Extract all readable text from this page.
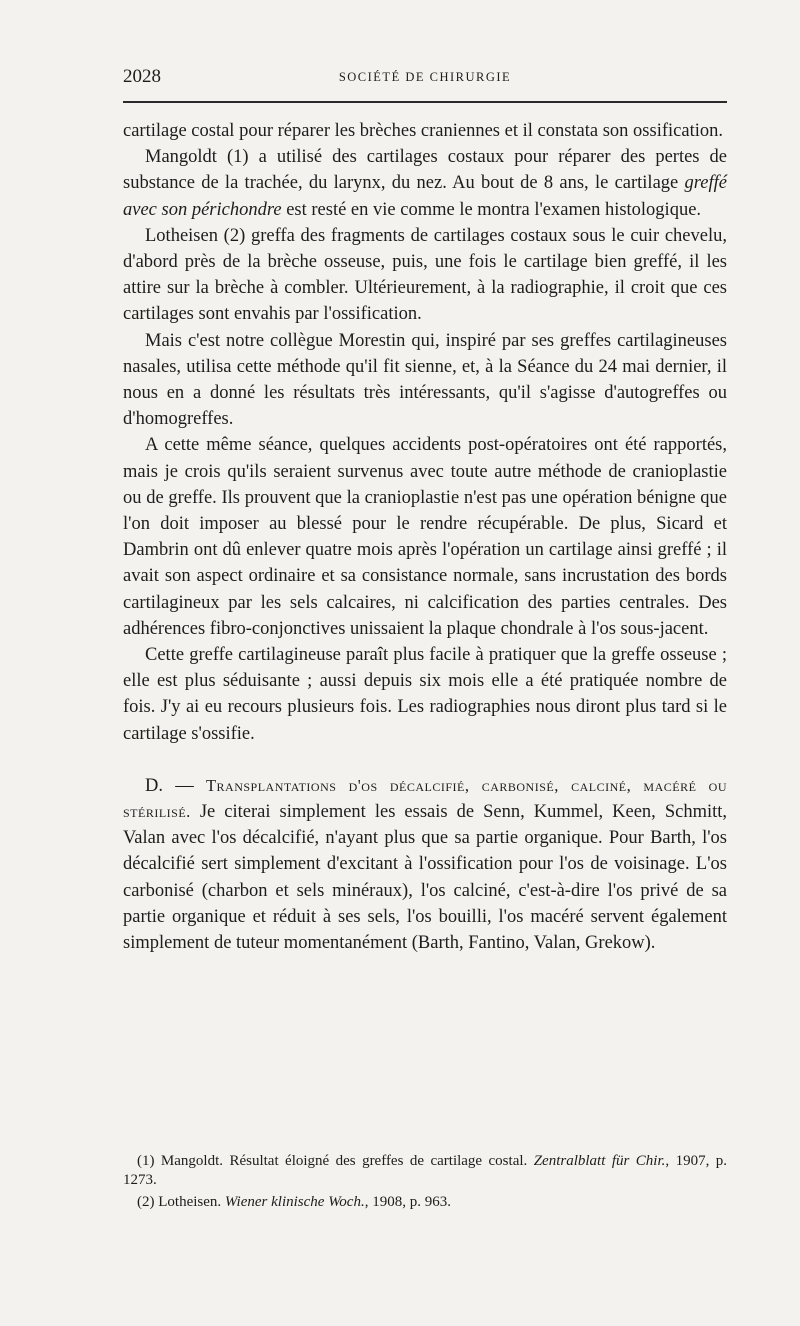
2028	SOCIÉTÉ DE CHIRURGIE

cartilage costal pour réparer les brèches craniennes et il constata son ossification.

Mangoldt (1) a utilisé des cartilages costaux pour réparer des pertes de substance de la trachée, du larynx, du nez. Au bout de 8 ans, le cartilage greffé avec son périchondre est resté en vie comme le montra l'examen histologique.

Lotheisen (2) greffa des fragments de cartilages costaux sous le cuir chevelu, d'abord près de la brèche osseuse, puis, une fois le cartilage bien greffé, il les attire sur la brèche à combler. Ultérieurement, à la radiographie, il croit que ces cartilages sont envahis par l'ossification.

Mais c'est notre collègue Morestin qui, inspiré par ses greffes cartilagineuses nasales, utilisa cette méthode qu'il fit sienne, et, à la Séance du 24 mai dernier, il nous en a donné les résultats très intéressants, qu'il s'agisse d'autogreffes ou d'homogreffes.

A cette même séance, quelques accidents post-opératoires ont été rapportés, mais je crois qu'ils seraient survenus avec toute autre méthode de cranioplastie ou de greffe. Ils prouvent que la cranioplastie n'est pas une opération bénigne que l'on doit imposer au blessé pour le rendre récupérable. De plus, Sicard et Dambrin ont dû enlever quatre mois après l'opération un cartilage ainsi greffé ; il avait son aspect ordinaire et sa consistance normale, sans incrustation des bords cartilagineux par les sels calcaires, ni calcification des parties centrales. Des adhérences fibro-conjonctives unissaient la plaque chondrale à l'os sous-jacent.

Cette greffe cartilagineuse paraît plus facile à pratiquer que la greffe osseuse ; elle est plus séduisante ; aussi depuis six mois elle a été pratiquée nombre de fois. J'y ai eu recours plusieurs fois. Les radiographies nous diront plus tard si le cartilage s'ossifie.

D. — Transplantations d'os décalcifié, carbonisé, calciné, macéré ou stérilisé. Je citerai simplement les essais de Senn, Kummel, Keen, Schmitt, Valan avec l'os décalcifié, n'ayant plus que sa partie organique. Pour Barth, l'os décalcifié sert simplement d'excitant à l'ossification pour l'os de voisinage. L'os carbonisé (charbon et sels minéraux), l'os calciné, c'est-à-dire l'os privé de sa partie organique et réduit à ses sels, l'os bouilli, l'os macéré servent également simplement de tuteur momentanément (Barth, Fantino, Valan, Grekow).

(1) Mangoldt. Résultat éloigné des greffes de cartilage costal. Zentralblatt für Chir., 1907, p. 1273.

(2) Lotheisen. Wiener klinische Woch., 1908, p. 963.
